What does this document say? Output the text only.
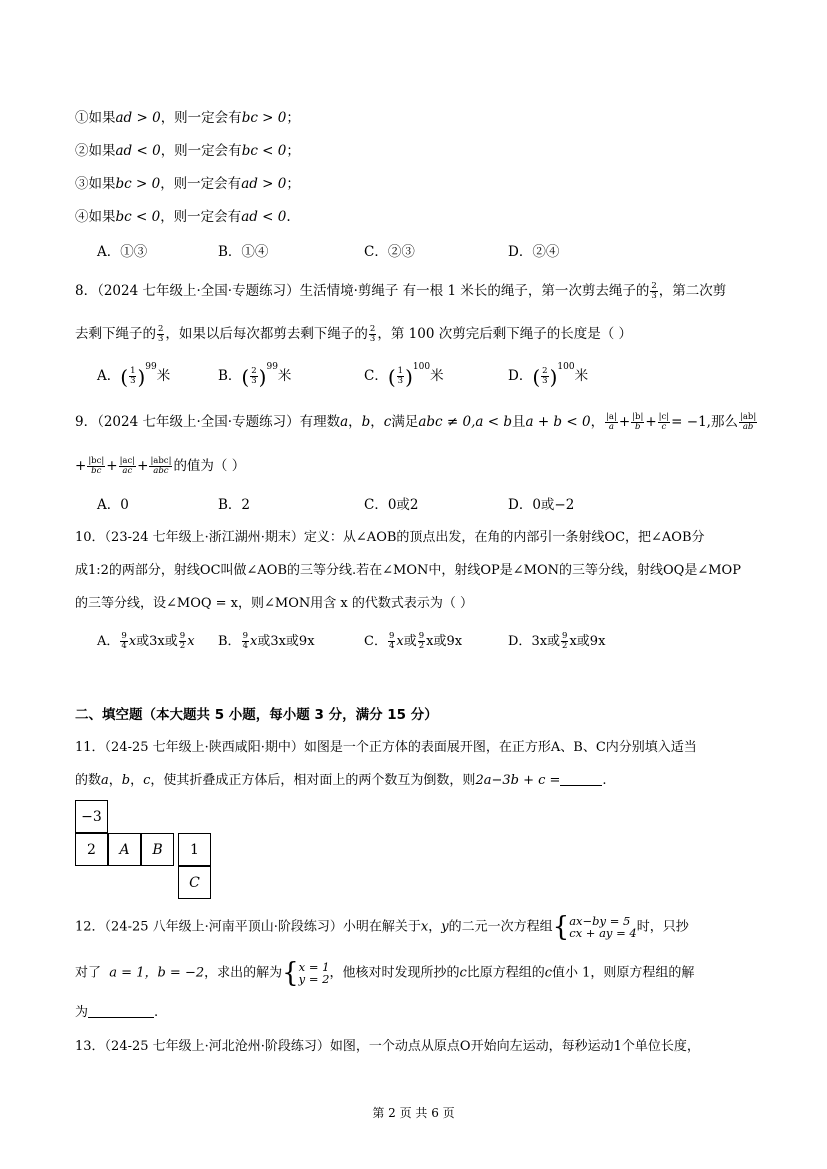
①如果ad > 0，则一定会有bc > 0；
②如果ad < 0，则一定会有bc < 0；
③如果bc > 0，则一定会有ad > 0；
④如果bc < 0，则一定会有ad < 0.
A．①③	B．①④	C．②③	D．②④
8．（2024 七年级上·全国·专题练习）生活情境·剪绳子 有一根 1 米长的绳子，第一次剪去绳子的 $\frac{2}{3}$ ，第二次剪
去剩下绳子的 $\frac{2}{3}$ ，如果以后每次都剪去剩下绳子的 $\frac{2}{3}$ ，第 100 次剪完后剩下绳子的长度是（ ）
A．( $\frac{1}{3} )^{99}$米	B．( $\frac{2}{3} )^{99}$米	C．( $\frac{1}{3} )^{100}$米	D．( $\frac{2}{3} )^{100}$米
9．（2024 七年级上·全国·专题练习）有理数a，b，c满足abc ≠ 0,a < b且a + b < 0， $\frac{|a|}{a} + \frac{|b|}{b} + \frac{|c|}{c} = -1$,那么 $\frac{|ab|}{ab}$
+ $\frac{|bc|}{bc} + \frac{|ac|}{ac} + \frac{\text{|abc|}}{\text{abc}}$ 的值为（ ）
A．0	B．2	C．0或2	D．0或−2
10．（23-24 七年级上·浙江湖州·期末）定义：从∠AOB的顶点出发，在角的内部引一条射线OC，把∠AOB分
成1:2的两部分，射线OC叫做∠AOB的三等分线.若在∠MON中，射线OP是∠MON的三等分线，射线OQ是∠MOP
的三等分线，设∠MOQ = x，则∠MON用含 x 的代数式表示为（ ）
A． $\frac{9}{4}$ x或3x或 $\frac{9}{2}$ x B． $\frac{9}{4}$ x或3x或9x	C． $\frac{9}{4}$ x或 $\frac{9}{2}$ x或9x	D．3x或 $\frac{9}{2}$ x或9x
二、填空题（本大题共 5 小题，每小题 3 分，满分 15 分）
11．（24-25 七年级上·陕西咸阳·期中）如图是一个正方体的表面展开图，在正方形A、B、C内分别填入适当
的数a，b，c，使其折叠成正方体后，相对面上的两个数互为倒数，则2a−3b + c =	.
−3
2	A	B	1
C
12．（24-25 八年级上·河南平顶山·阶段练习）小明在解关于x，y的二元一次方程组{ ax−by = 5
cx + ay = 4 时，只抄
对了 a = 1，b = −2，求出的解为{ x = 1
y = 2 ，他核对时发现所抄的c比原方程组的c值小 1，则原方程组的解
为	.
13．（24-25 七年级上·河北沧州·阶段练习）如图，一个动点从原点O开始向左运动，每秒运动1个单位长度，
第 2 页 共 6 页
